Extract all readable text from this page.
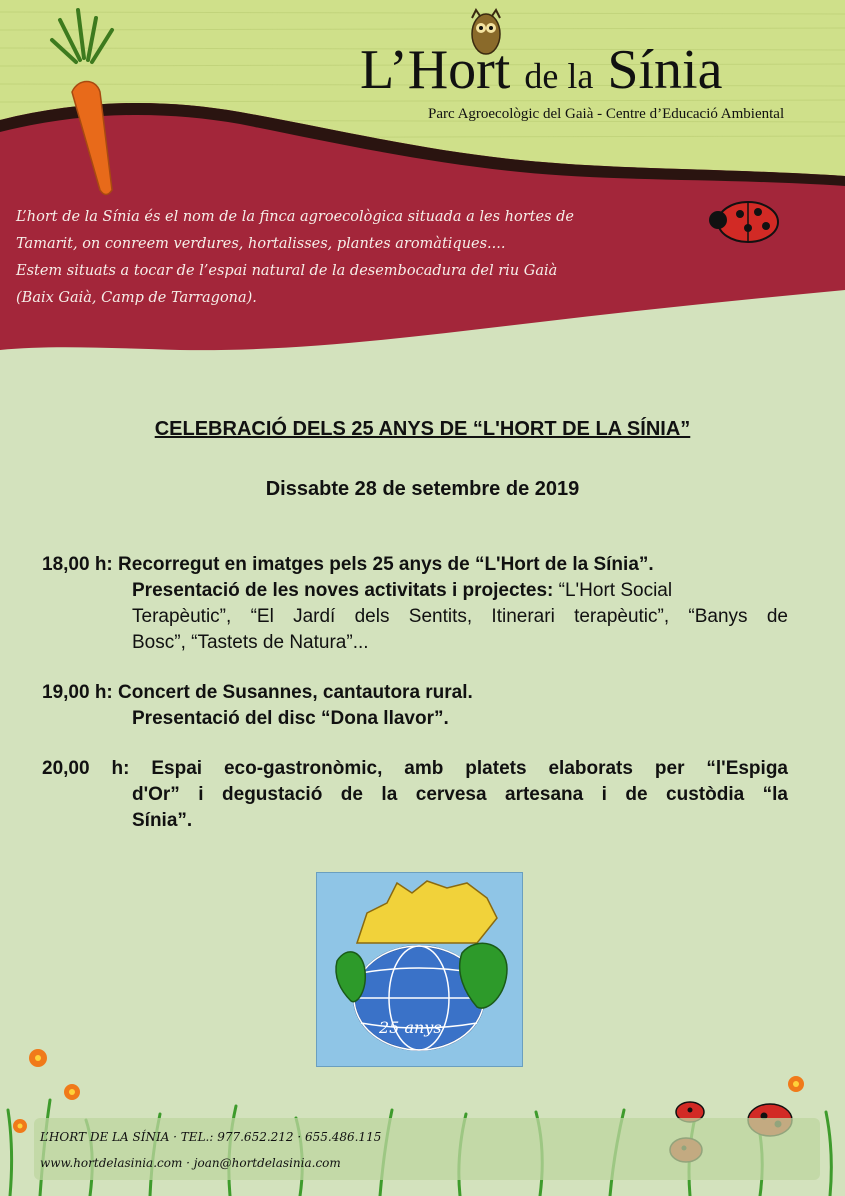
L’Hort de la Sínia
Parc Agroecològic del Gaià - Centre d’Educació Ambiental
L’hort de la Sínia és el nom de la finca agroecològica situada a les hortes de
Tamarit, on conreem verdures, hortalisses, plantes aromàtiques....
Estem situats a tocar de l’espai natural de la desembocadura del riu Gaià
(Baix Gaià, Camp de Tarragona).
CELEBRACIÓ DELS 25 ANYS DE “L'HORT DE LA SÍNIA”
Dissabte 28 de setembre de 2019
18,00 h: Recorregut en imatges pels 25 anys de “L'Hort de la Sínia”.
Presentació de les noves activitats i projectes: “L'Hort Social
Terapèutic”, “El Jardí dels Sentits, Itinerari terapèutic”, “Banys de
Bosc”, “Tastets de Natura”...
19,00 h: Concert de Susannes, cantautora rural.
Presentació del disc “Dona llavor”.
20,00 h: Espai eco-gastronòmic, amb platets elaborats per “l'Espiga
d'Or” i degustació de la cervesa artesana i de custòdia “la
Sínia”.
25 anys
L’HORT DE LA SÍNIA · TEL.: 977.652.212 · 655.486.115
www.hortdelasinia.com · joan@hortdelasinia.com
